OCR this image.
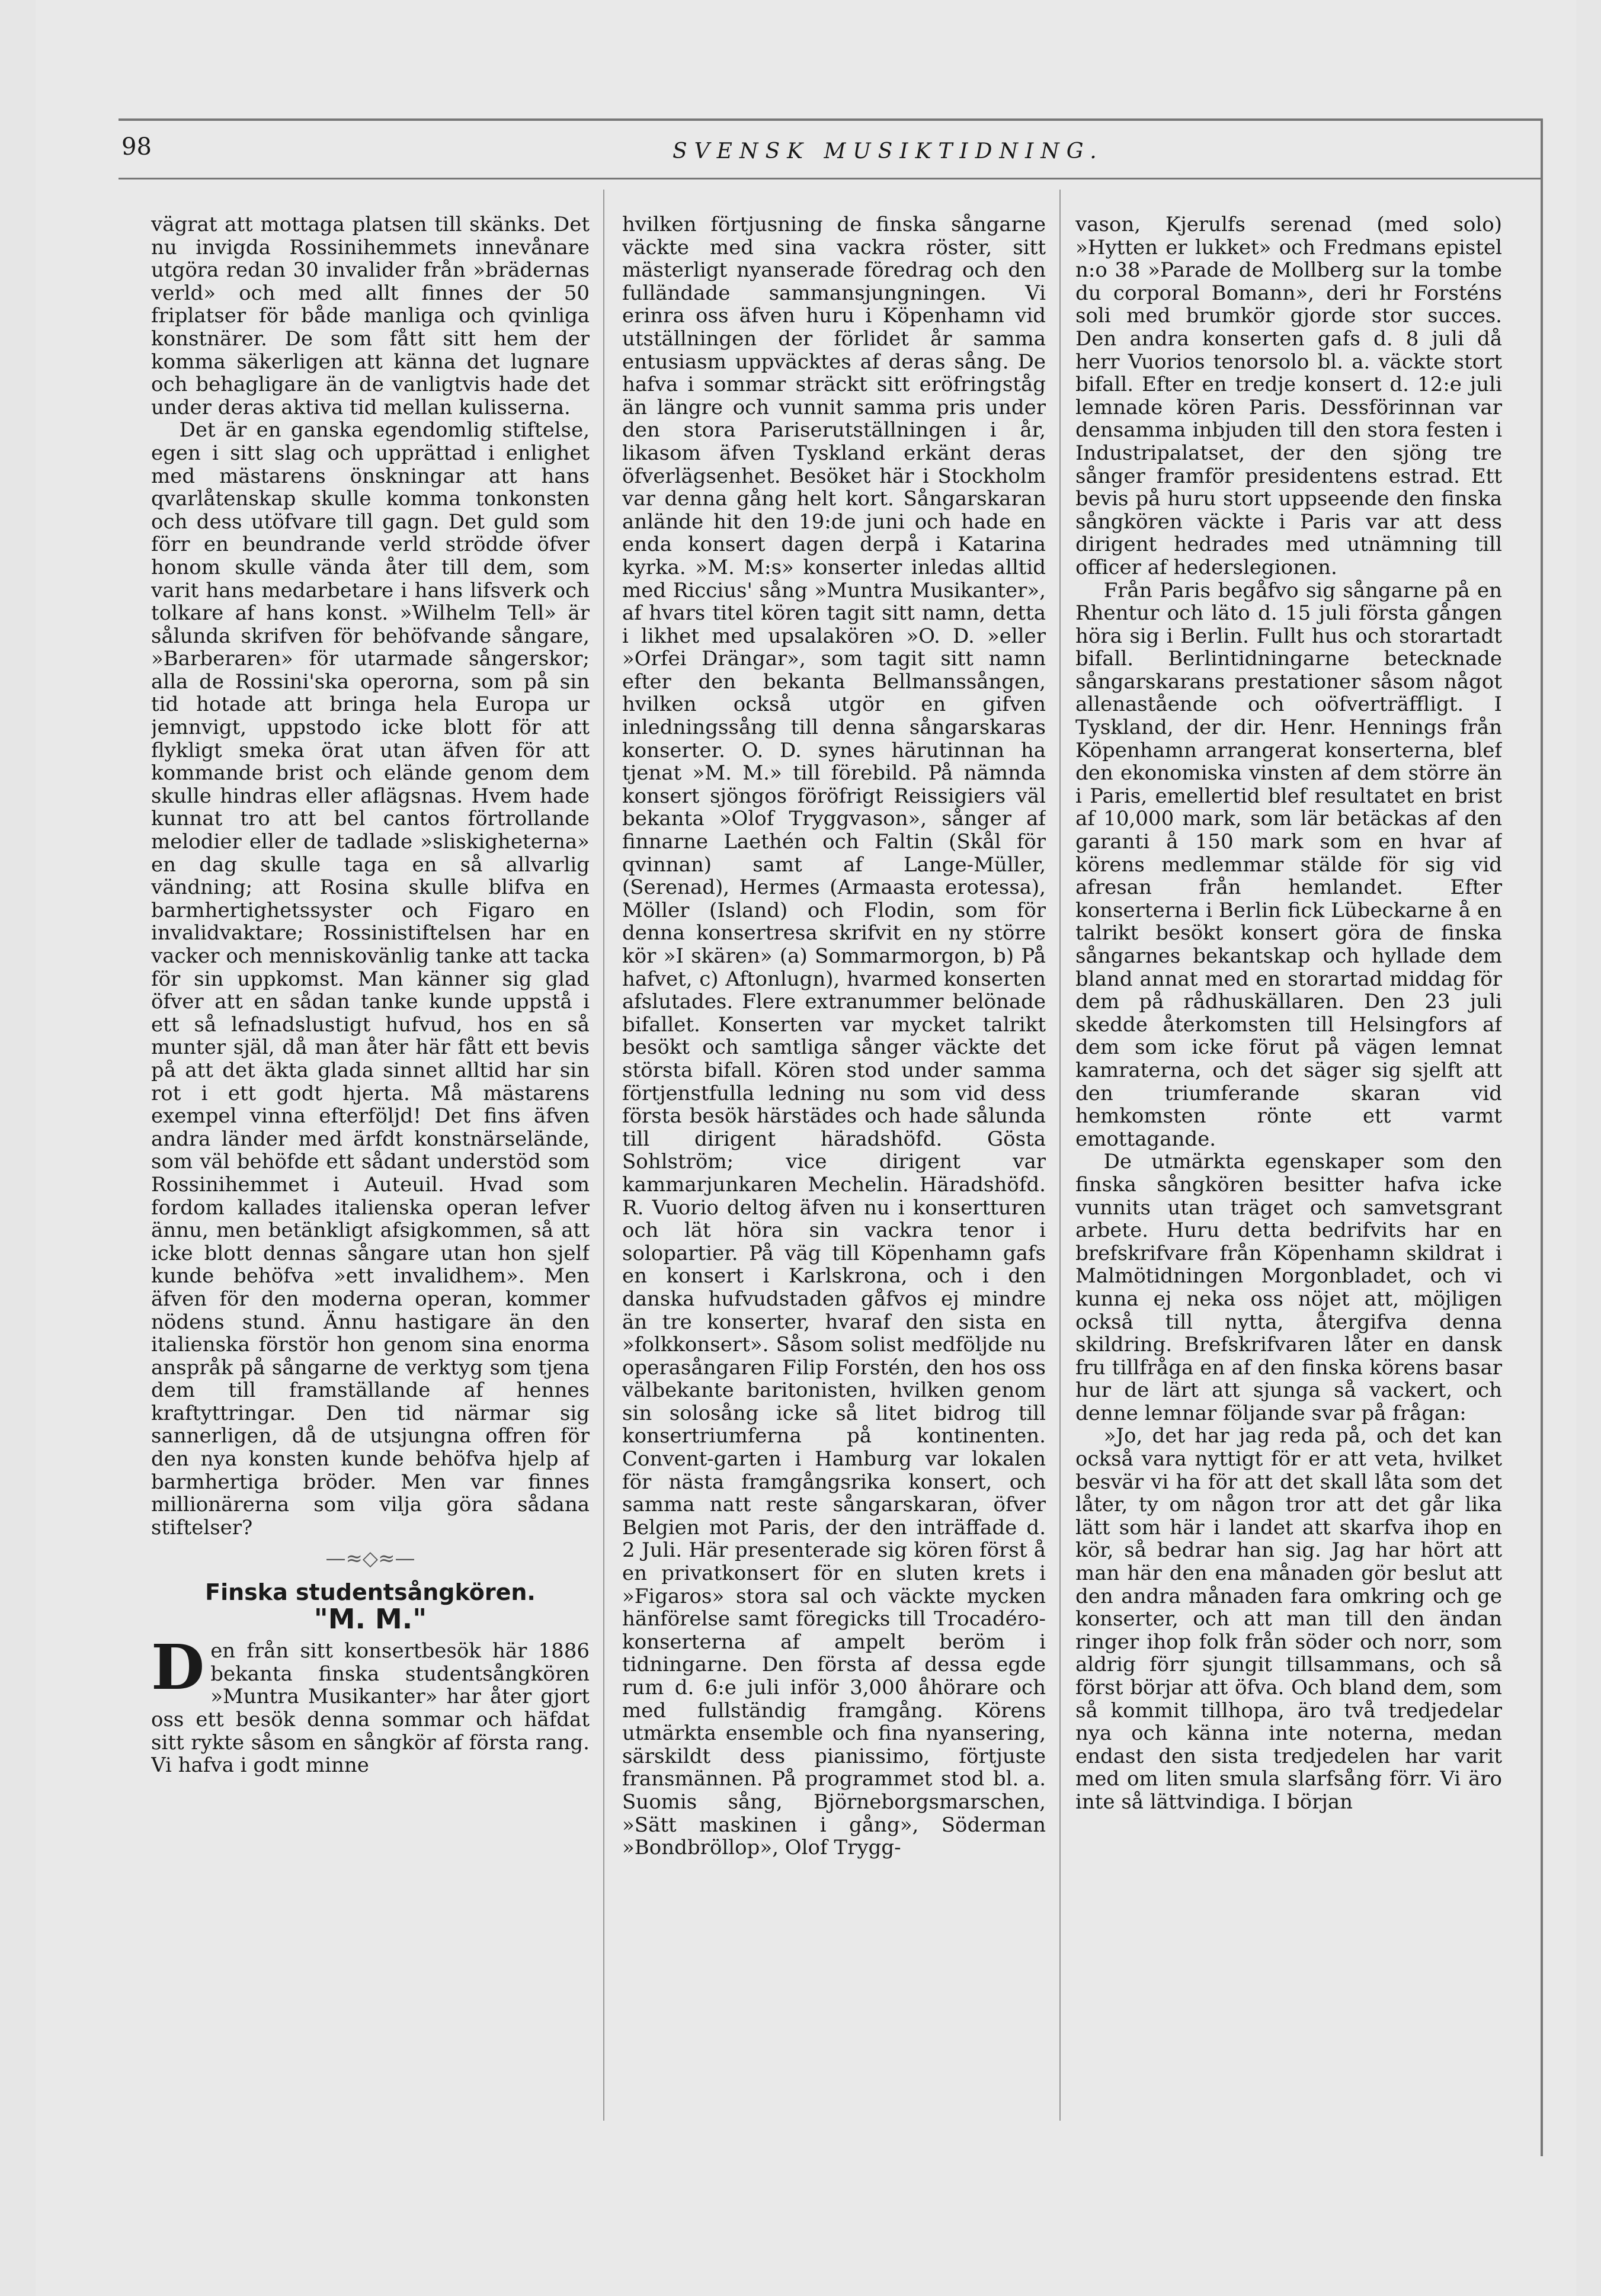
98	SVENSK MUSIKTIDNING.

vägrat att mottaga platsen till skänks. Det nu invigda Rossinihemmets innevånare utgöra redan 30 invalider från »brädernas verld» och med allt finnes der 50 friplatser för både manliga och qvinliga konstnärer. De som fått sitt hem der komma säkerligen att känna det lugnare och behagligare än de vanligtvis hade det under deras aktiva tid mellan kulisserna.

Det är en ganska egendomlig stiftelse, egen i sitt slag och upprättad i enlighet med mästarens önskningar att hans qvarlåtenskap skulle komma tonkonsten och dess utöfvare till gagn. Det guld som förr en beundrande verld strödde öfver honom skulle vända åter till dem, som varit hans medarbetare i hans lifsverk och tolkare af hans konst. »Wilhelm Tell» är sålunda skrifven för behöfvande sångare, »Barberaren» för utarmade sångerskor; alla de Rossini'ska operorna, som på sin tid hotade att bringa hela Europa ur jemnvigt, uppstodo icke blott för att flykligt smeka örat utan äfven för att kommande brist och elände genom dem skulle hindras eller aflägsnas. Hvem hade kunnat tro att bel cantos förtrollande melodier eller de tadlade »sliskigheterna» en dag skulle taga en så allvarlig vändning; att Rosina skulle blifva en barmhertighetssyster och Figaro en invalidvaktare; Rossinistiftelsen har en vacker och menniskovänlig tanke att tacka för sin uppkomst. Man känner sig glad öfver att en sådan tanke kunde uppstå i ett så lefnadslustigt hufvud, hos en så munter själ, då man åter här fått ett bevis på att det äkta glada sinnet alltid har sin rot i ett godt hjerta. Må mästarens exempel vinna efterföljd! Det fins äfven andra länder med ärfdt konstnärselände, som väl behöfde ett sådant understöd som Rossinihemmet i Auteuil. Hvad som fordom kallades italienska operan lefver ännu, men betänkligt afsigkommen, så att icke blott dennas sångare utan hon sjelf kunde behöfva »ett invalidhem». Men äfven för den moderna operan, kommer nödens stund. Ännu hastigare än den italienska förstör hon genom sina enorma anspråk på sångarne de verktyg som tjena dem till framställande af hennes kraftyttringar. Den tid närmar sig sannerligen, då de utsjungna offren för den nya konsten kunde behöfva hjelp af barmhertiga bröder. Men var finnes millionärerna som vilja göra sådana stiftelser?

—≈◇≈—
Finska studentsångkören.
"M. M."

Den från sitt konsertbesök här 1886 bekanta finska studentsångkören »Muntra Musikanter» har åter gjort oss ett besök denna sommar och häfdat sitt rykte såsom en sångkör af första rang. Vi hafva i godt minne

hvilken förtjusning de finska sångarne väckte med sina vackra röster, sitt mästerligt nyanserade föredrag och den fulländade sammansjungningen. Vi erinra oss äfven huru i Köpenhamn vid utställningen der förlidet år samma entusiasm uppväcktes af deras sång. De hafva i sommar sträckt sitt eröfringståg än längre och vunnit samma pris under den stora Pariserutställningen i år, likasom äfven Tyskland erkänt deras öfverlägsenhet. Besöket här i Stockholm var denna gång helt kort. Sångarskaran anlände hit den 19:de juni och hade en enda konsert dagen derpå i Katarina kyrka. »M. M:s» konserter inledas alltid med Riccius' sång »Muntra Musikanter», af hvars titel kören tagit sitt namn, detta i likhet med upsalakören »O. D. »eller »Orfei Drängar», som tagit sitt namn efter den bekanta Bellmanssången, hvilken också utgör en gifven inledningssång till denna sångarskaras konserter. O. D. synes härutinnan ha tjenat »M. M.» till förebild. På nämnda konsert sjöngos föröfrigt Reissigiers väl bekanta »Olof Tryggvason», sånger af finnarne Laethén och Faltin (Skål för qvinnan) samt af Lange-Müller, (Serenad), Hermes (Armaasta erotessa), Möller (Island) och Flodin, som för denna konsertresa skrifvit en ny större kör »I skären» (a) Sommarmorgon, b) På hafvet, c) Aftonlugn), hvarmed konserten afslutades. Flere extranummer belönade bifallet. Konserten var mycket talrikt besökt och samtliga sånger väckte det största bifall. Kören stod under samma förtjenstfulla ledning nu som vid dess första besök härstädes och hade sålunda till dirigent häradshöfd. Gösta Sohlström; vice dirigent var kammarjunkaren Mechelin. Häradshöfd. R. Vuorio deltog äfven nu i konsertturen och lät höra sin vackra tenor i solopartier. På väg till Köpenhamn gafs en konsert i Karlskrona, och i den danska hufvudstaden gåfvos ej mindre än tre konserter, hvaraf den sista en »folkkonsert». Såsom solist medföljde nu operasångaren Filip Forstén, den hos oss välbekante baritonisten, hvilken genom sin solosång icke så litet bidrog till konsertriumferna på kontinenten. Convent-garten i Hamburg var lokalen för nästa framgångsrika konsert, och samma natt reste sångarskaran, öfver Belgien mot Paris, der den inträffade d. 2 Juli. Här presenterade sig kören först å en privatkonsert för en sluten krets i »Figaros» stora sal och väckte mycken hänförelse samt föregicks till Trocadéro-konserterna af ampelt beröm i tidningarne. Den första af dessa egde rum d. 6:e juli inför 3,000 åhörare och med fullständig framgång. Körens utmärkta ensemble och fina nyansering, särskildt dess pianissimo, förtjuste fransmännen. På programmet stod bl. a. Suomis sång, Björneborgsmarschen, »Sätt maskinen i gång», Söderman »Bondbröllop», Olof Trygg-

vason, Kjerulfs serenad (med solo) »Hytten er lukket» och Fredmans epistel n:o 38 »Parade de Mollberg sur la tombe du corporal Bomann», deri hr Forsténs soli med brumkör gjorde stor succes. Den andra konserten gafs d. 8 juli då herr Vuorios tenorsolo bl. a. väckte stort bifall. Efter en tredje konsert d. 12:e juli lemnade kören Paris. Dessförinnan var densamma inbjuden till den stora festen i Industripalatset, der den sjöng tre sånger framför presidentens estrad. Ett bevis på huru stort uppseende den finska sångkören väckte i Paris var att dess dirigent hedrades med utnämning till officer af hederslegionen.

Från Paris begåfvo sig sångarne på en Rhentur och läto d. 15 juli första gången höra sig i Berlin. Fullt hus och storartadt bifall. Berlintidningarne betecknade sångarskarans prestationer såsom något allenastående och oöfverträffligt. I Tyskland, der dir. Henr. Hennings från Köpenhamn arrangerat konserterna, blef den ekonomiska vinsten af dem större än i Paris, emellertid blef resultatet en brist af 10,000 mark, som lär betäckas af den garanti å 150 mark som en hvar af körens medlemmar stälde för sig vid afresan från hemlandet. Efter konserterna i Berlin fick Lübeckarne å en talrikt besökt konsert göra de finska sångarnes bekantskap och hyllade dem bland annat med en storartad middag för dem på rådhuskällaren. Den 23 juli skedde återkomsten till Helsingfors af dem som icke förut på vägen lemnat kamraterna, och det säger sig sjelft att den triumferande skaran vid hemkomsten rönte ett varmt emottagande.

De utmärkta egenskaper som den finska sångkören besitter hafva icke vunnits utan träget och samvetsgrant arbete. Huru detta bedrifvits har en brefskrifvare från Köpenhamn skildrat i Malmötidningen Morgonbladet, och vi kunna ej neka oss nöjet att, möjligen också till nytta, återgifva denna skildring. Brefskrifvaren låter en dansk fru tillfråga en af den finska körens basar hur de lärt att sjunga så vackert, och denne lemnar följande svar på frågan:

»Jo, det har jag reda på, och det kan också vara nyttigt för er att veta, hvilket besvär vi ha för att det skall låta som det låter, ty om någon tror att det går lika lätt som här i landet att skarfva ihop en kör, så bedrar han sig. Jag har hört att man här den ena månaden gör beslut att den andra månaden fara omkring och ge konserter, och att man till den ändan ringer ihop folk från söder och norr, som aldrig förr sjungit tillsammans, och så först börjar att öfva. Och bland dem, som så kommit tillhopa, äro två tredjedelar nya och känna inte noterna, medan endast den sista tredjedelen har varit med om liten smula slarfsång förr. Vi äro inte så lättvindiga. I början
